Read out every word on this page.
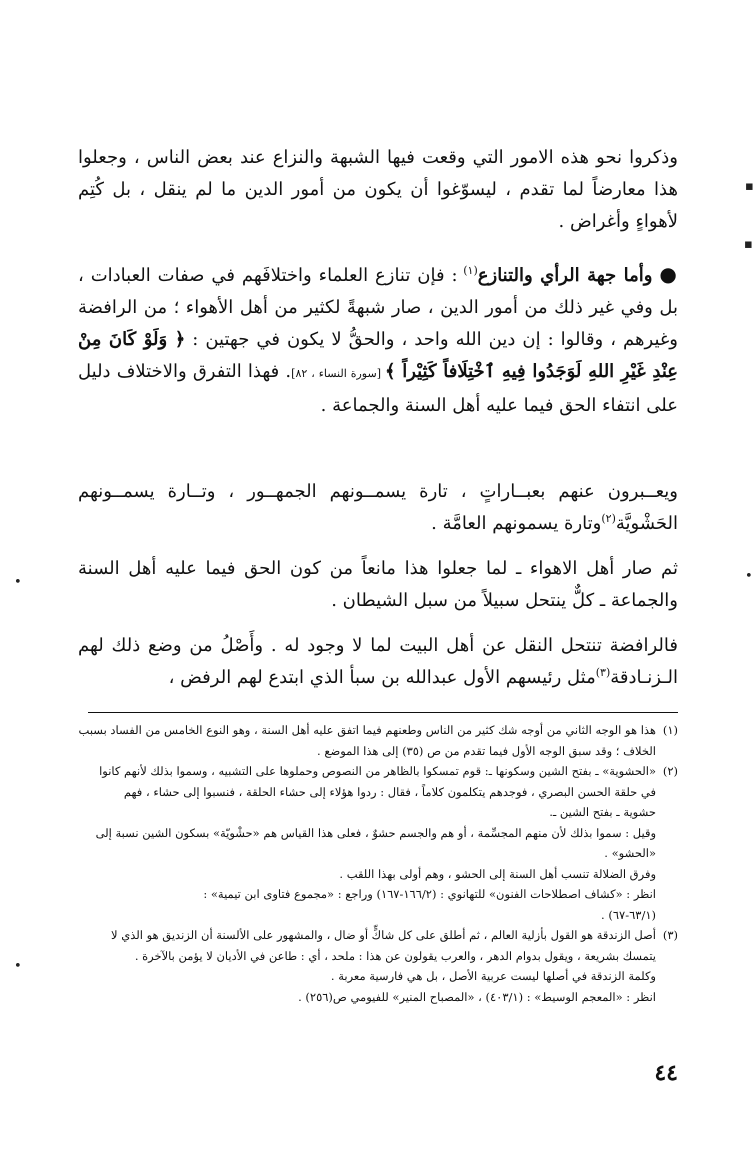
وذكروا نحو هذه الامور التي وقعت فيها الشبهة والنزاع عند بعض الناس ، وجعلوا هذا معارضاً لما تقدم ، ليسوّغوا أن يكون من أمور الدين ما لم ينقل ، بل كُتِم لأهواءٍ وأغراض .

● وأما جهة الرأي والتنازع$^{(١)}$ : فإن تنازع العلماء واختلافَهم في صفات العبادات ، بل وفي غير ذلك من أمور الدين ، صار شبهةً لكثير من أهل الأهواء ؛ من الرافضة وغيرهم ، وقالوا : إن دين الله واحد ، والحقُّ لا يكون في جهتين : ﴿ وَلَوْ كَانَ مِنْ عِنْدِ غَيْرِ اللهِ لَوَجَدُوا فِيهِ ٱخْتِلَافاً كَثِيْراً ﴾ [سورة النساء ، ٨٢]. فهذا التفرق والاختلاف دليل على انتفاء الحق فيما عليه أهل السنة والجماعة .

ويعــبرون عنهم بعبــاراتٍ ، تارة يسمــونهم الجمهــور ، وتــارة يسمــونهم الحَشْويَّة$^{(٢)}$وتارة يسمونهم العامَّة .

ثم صار أهل الاهواء ـ لما جعلوا هذا مانعاً من كون الحق فيما عليه أهل السنة والجماعة ـ كلٌّ ينتحل سبيلاً من سبل الشيطان .

فالرافضة تنتحل النقل عن أهل البيت لما لا وجود له . وأَصْلُ من وضع ذلك لهم الـزنـادقة$^{(٣)}$مثل رئيسهم الأول عبدالله بن سبأ الذي ابتدع لهم الرفض ،

(١)هذا هو الوجه الثاني من أوجه شك كثير من الناس وطعنهم فيما اتفق عليه أهل السنة ، وهو النوع الخامس من الفساد بسبب

الخلاف ؛ وقد سبق الوجه الأول فيما تقدم من ص (٣٥) إلى هذا الموضع .

(٢)«الحشوية» ـ بفتح الشين وسكونها ـ: قوم تمسكوا بالظاهر من النصوص وحملوها على التشبيه ، وسموا بذلك لأنهم كانوا

في حلقة الحسن البصري ، فوجدهم يتكلمون كلاماً ، فقال : ردوا هؤلاء إلى حشاء الحلقة ، فنسبوا إلى حشاء ، فهم

حشوية ـ بفتح الشين ـ.

وقيل : سموا بذلك لأن منهم المجسِّمة ، أو هم والجسم حشوٌ ، فعلى هذا القياس هم «حشْويّة» بسكون الشين نسبة إلى

«الحشو» .

وفرق الضلالة تنسب أهل السنة إلى الحشو ، وهم أولى بهذا اللقب .

انظر : «كشاف اصطلاحات الفنون» للتهانوي : (١٦٦/٢-١٦٧) وراجع : «مجموع فتاوى ابن تيمية» :

(٦٣/١-٦٧) .

(٣)أصل الزندقة هو القول بأزلية العالم ، ثم أطلق على كل شاكٍّ أو ضال ، والمشهور على الألسنة أن الزنديق هو الذي لا

يتمسك بشريعة ، ويقول بدوام الدهر ، والعرب يقولون عن هذا : ملحد ، أي : طاعن في الأديان لا يؤمن بالآخرة .

وكلمة الزندقة في أصلها ليست عربية الأصل ، بل هي فارسية معربة .

انظر : «المعجم الوسيط» : (٤٠٣/١) ، «المصباح المنير» للفيومي ص(٢٥٦) .

٤٤
▪
▪
•	•
•
